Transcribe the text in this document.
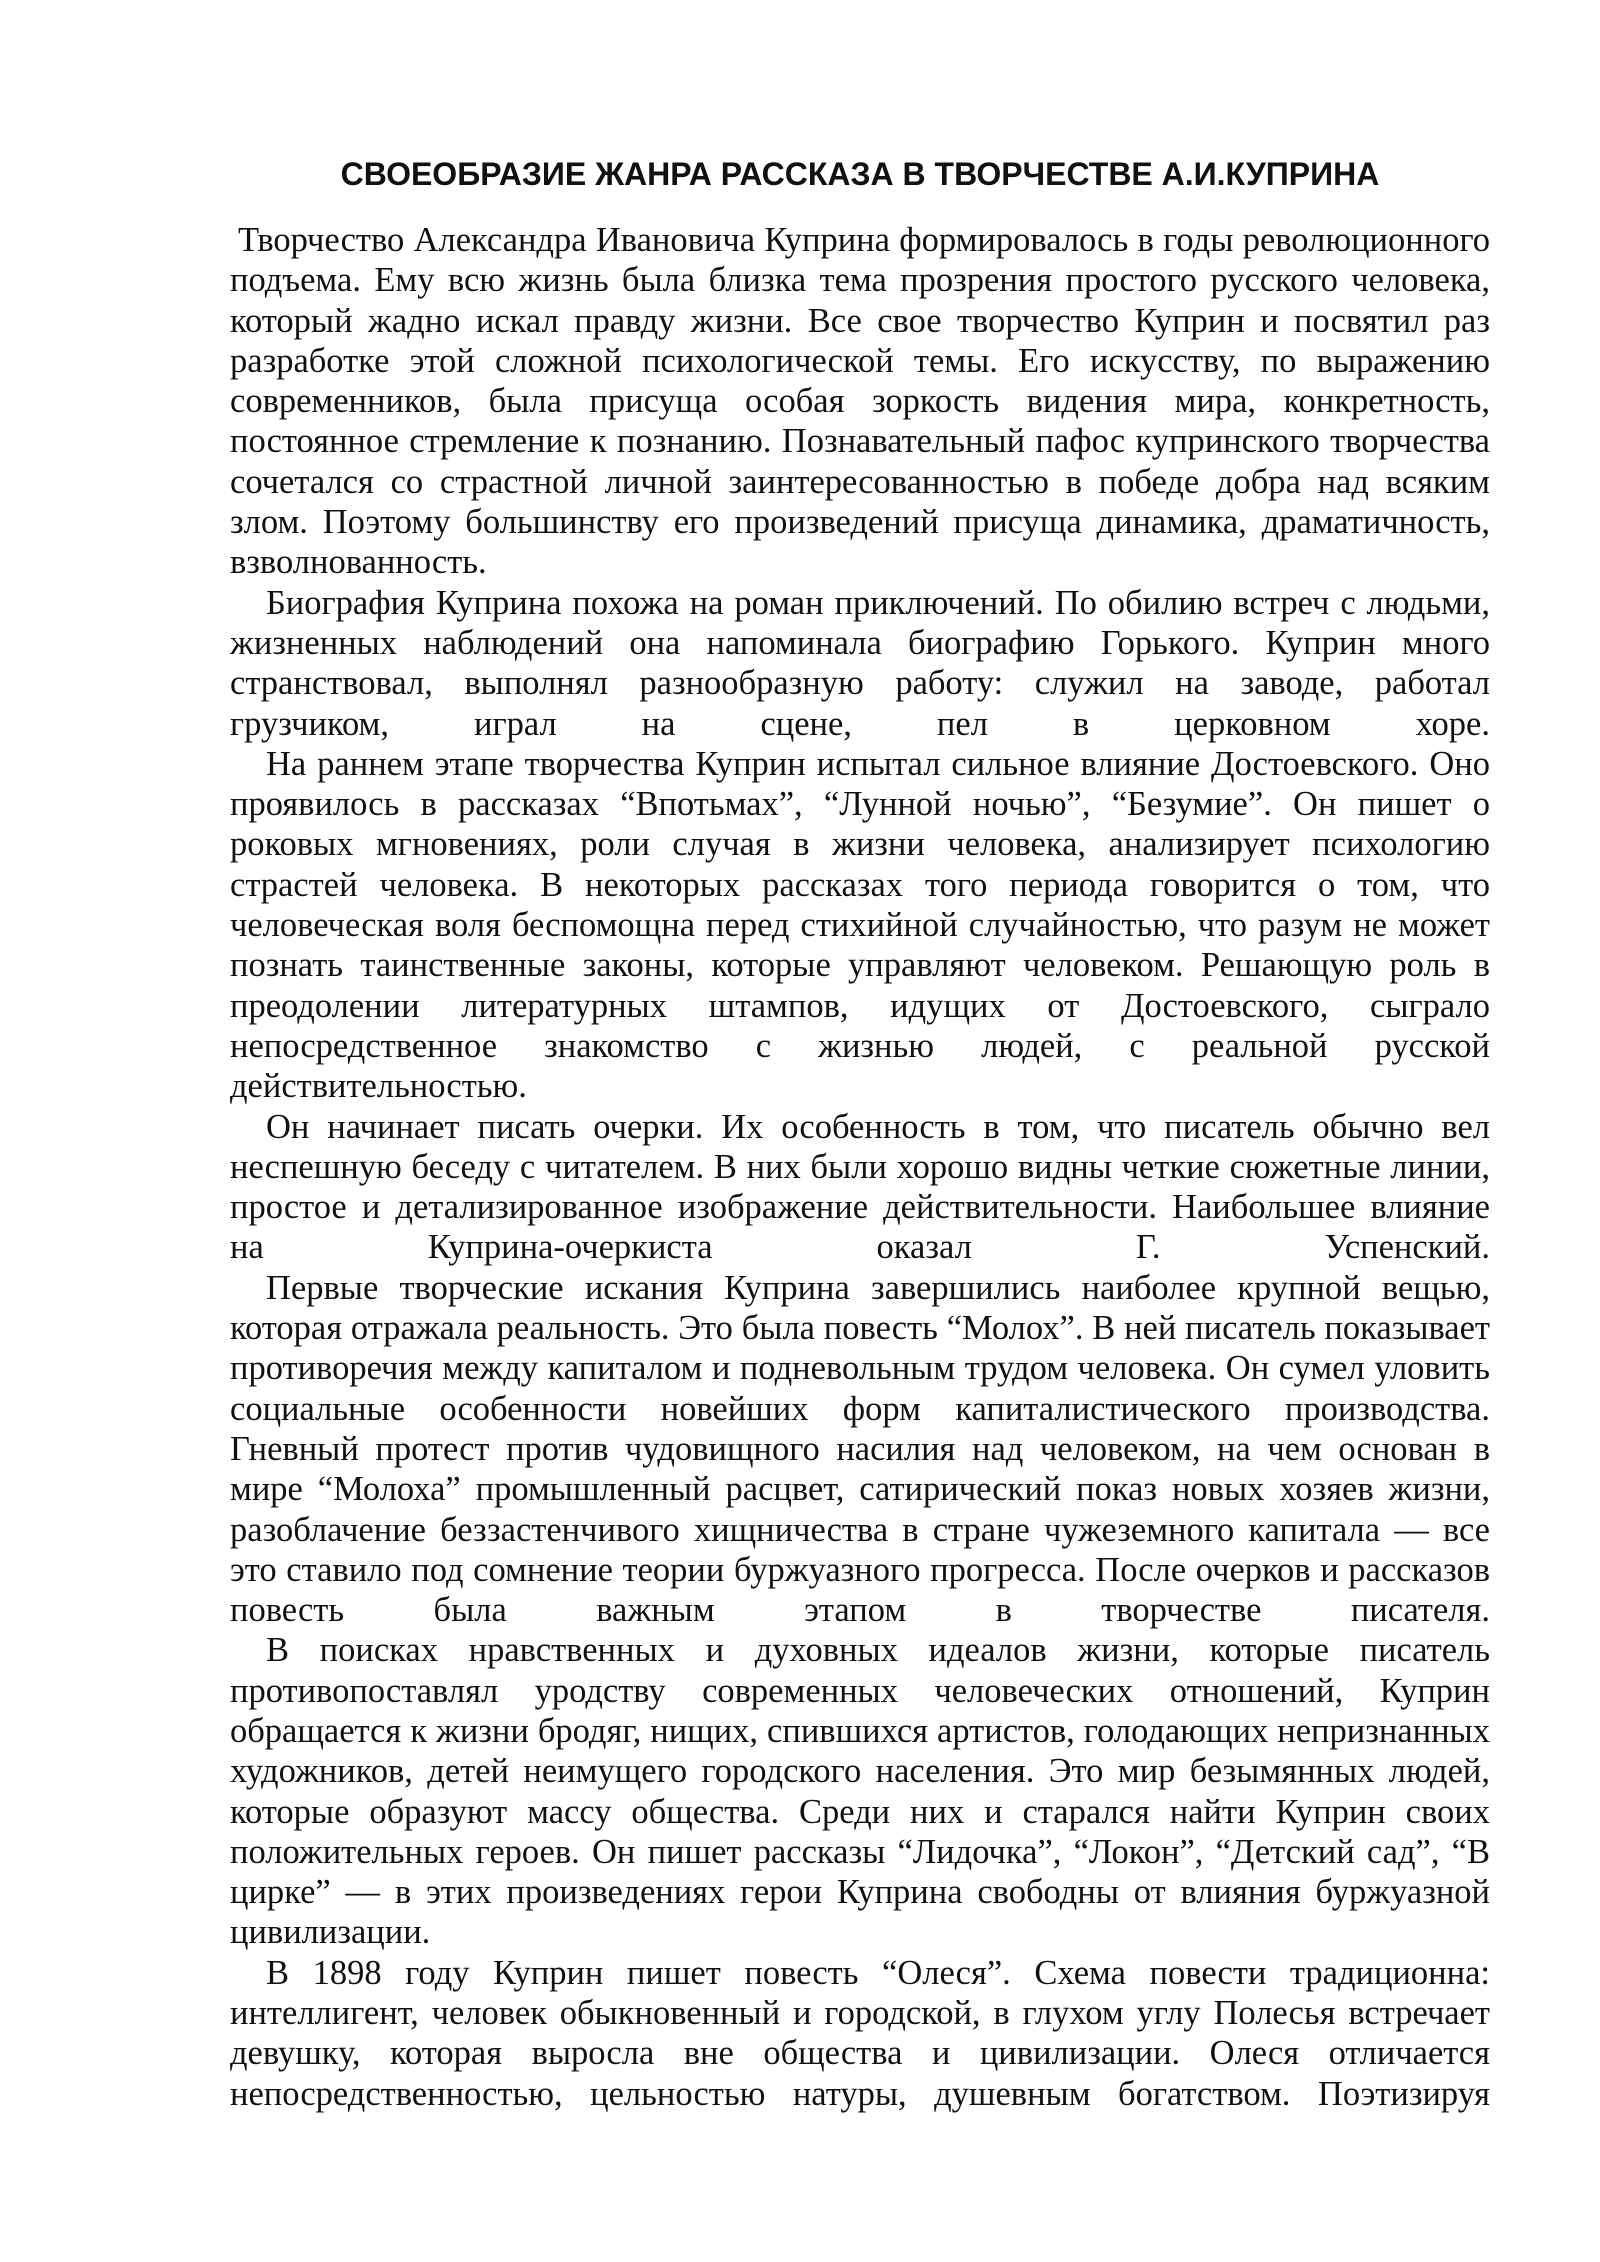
СВОЕОБРАЗИЕ ЖАНРА РАССКАЗА В ТВОРЧЕСТВЕ А.И.КУПРИНА

Творчество Александра Ивановича Куприна формировалось в годы революционного подъема. Ему всю жизнь была близка тема прозрения простого русского человека, который жадно искал правду жизни. Все свое творчество Куприн и посвятил раз разработке этой сложной психологической темы. Его искусству, по выражению современников, была присуща особая зоркость видения мира, конкретность, постоянное стремление к познанию. Познавательный пафос купринского творчества сочетался со страстной личной заинтересованностью в победе добра над всяким злом. Поэтому большинству его произведений присуща динамика, драматичность, взволнованность.

Биография Куприна похожа на роман приключений. По обилию встреч с людьми, жизненных наблюдений она напоминала биографию Горького. Куприн много странствовал, выполнял разнообразную работу: служил на заводе, работал грузчиком, играл на сцене, пел в церковном хоре.

На раннем этапе творчества Куприн испытал сильное влияние Достоевского. Оно проявилось в рассказах “Впотьмах”, “Лунной ночью”, “Безумие”. Он пишет о роковых мгновениях, роли случая в жизни человека, анализирует психологию страстей человека. В некоторых рассказах того периода говорится о том, что человеческая воля беспомощна перед стихийной случайностью, что разум не может познать таинственные законы, которые управляют человеком. Решающую роль в преодолении литературных штампов, идущих от Достоевского, сыграло непосредственное знакомство с жизнью людей, с реальной русской действительностью.

Он начинает писать очерки. Их особенность в том, что писатель обычно вел неспешную беседу с читателем. В них были хорошо видны четкие сюжетные линии, простое и детализированное изображение действительности. Наибольшее влияние на Куприна-очеркиста оказал Г. Успенский.

Первые творческие искания Куприна завершились наиболее крупной вещью, которая отражала реальность. Это была повесть “Молох”. В ней писатель показывает противоречия между капиталом и подневольным трудом человека. Он сумел уловить социальные особенности новейших форм капиталистического производства. Гневный протест против чудовищного насилия над человеком, на чем основан в мире “Молоха” промышленный расцвет, сатирический показ новых хозяев жизни, разоблачение беззастенчивого хищничества в стране чужеземного капитала — все это ставило под сомнение теории буржуазного прогресса. После очерков и рассказов повесть была важным этапом в творчестве писателя.

В поисках нравственных и духовных идеалов жизни, которые писатель противопоставлял уродству современных человеческих отношений, Куприн обращается к жизни бродяг, нищих, спившихся артистов, голодающих непризнанных художников, детей неимущего городского населения. Это мир безымянных людей, которые образуют массу общества. Среди них и старался найти Куприн своих положительных героев. Он пишет рассказы “Лидочка”, “Локон”, “Детский сад”, “В цирке” — в этих произведениях герои Куприна свободны от влияния буржуазной цивилизации.

В 1898 году Куприн пишет повесть “Олеся”. Схема повести традиционна: интеллигент, человек обыкновенный и городской, в глухом углу Полесья встречает девушку, которая выросла вне общества и цивилизации. Олеся отличается непосредственностью, цельностью натуры, душевным богатством. Поэтизируя
